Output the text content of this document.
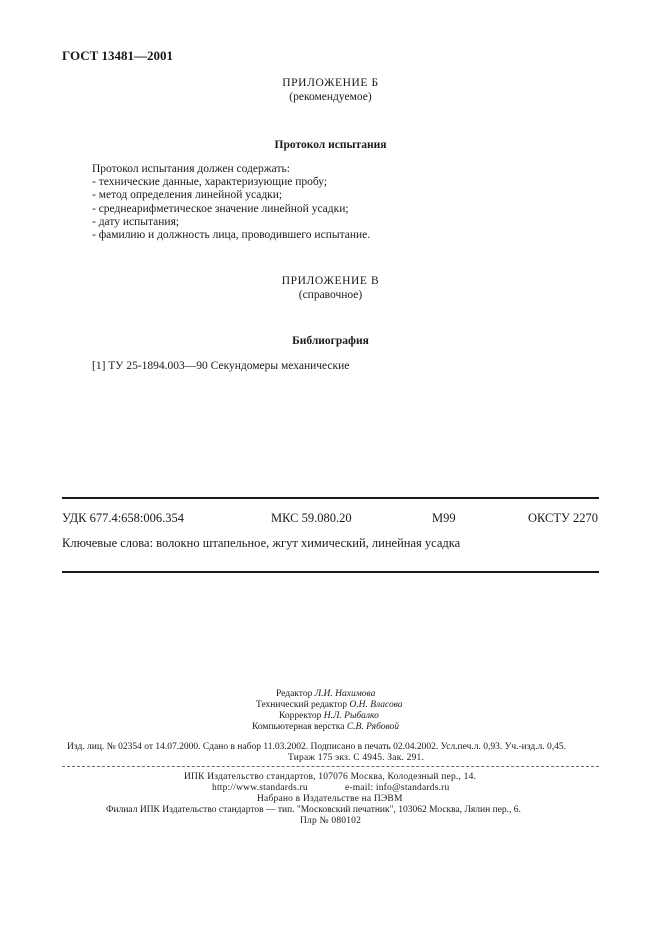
ГОСТ 13481—2001
ПРИЛОЖЕНИЕ Б
(рекомендуемое)
Протокол испытания
Протокол испытания должен содержать:
- технические данные, характеризующие пробу;
- метод определения линейной усадки;
- среднеарифметическое значение линейной усадки;
- дату испытания;
- фамилию и должность лица, проводившего испытание.
ПРИЛОЖЕНИЕ В
(справочное)
Библиография
[1] ТУ 25-1894.003—90 Секундомеры механические
УДК 677.4:658:006.354	МКС 59.080.20	М99	ОКСТУ 2270
Ключевые слова: волокно штапельное, жгут химический, линейная усадка
Редактор Л.И. Нахимова
Технический редактор О.Н. Власова
Корректор Н.Л. Рыбалко
Компьютерная верстка С.В. Рябовой
Изд. лиц. № 02354 от 14.07.2000. Сдано в набор 11.03.2002. Подписано в печать 02.04.2002. Усл.печ.л. 0,93. Уч.-изд.л. 0,45.
Тираж 175 экз. С 4945. Зак. 291.
ИПК Издательство стандартов, 107076 Москва, Колодезный пер., 14.
http://www.standards.ru	e-mail: info@standards.ru
Набрано в Издательстве на ПЭВМ
Филиал ИПК Издательство стандартов — тип. "Московский печатник", 103062 Москва, Лялин пер., 6.
Плр № 080102
